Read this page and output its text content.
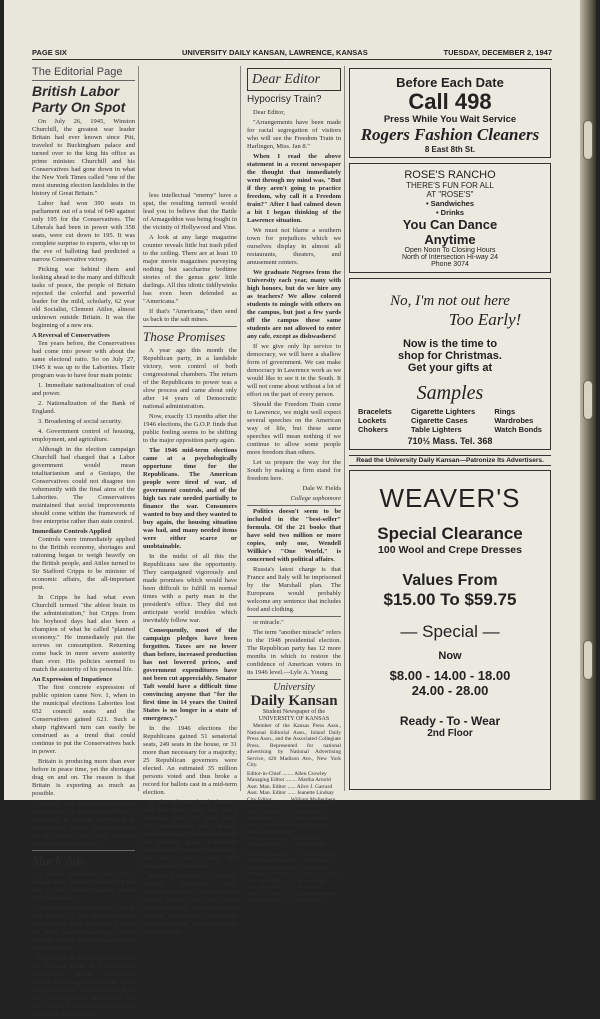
PAGE SIX	UNIVERSITY DAILY KANSAN, LAWRENCE, KANSAS	TUESDAY, DECEMBER 2, 1947
The Editorial Page
British Labor Party On Spot

On July 26, 1945, Winston Churchill, the greatest war leader Britain had ever known since Pitt, traveled to Buckingham palace and turned over to the king his office as prime minister. Churchill and his Conservatives had gone down in what the New York Times called "one of the most stunning election landslides in the history of Great Britain."

Labor had won 390 seats in parliament out of a total of 640 against only 195 for the Conservatives. The Liberals had been in power with 358 seats, were cut down to 195. It was complete surprise to experts, who up to the eve of balloting had predicted a narrow Conservative victory.

Picking war behind them and looking ahead to the many and difficult tasks of peace, the people of Britain rejected the colorful and powerful leader for the mild, scholarly, 62 year old Socialist, Clement Attlee, almost unknown outside Britain. It was the beginning of a new era.

A Reversal of Conservatives

Ten years before, the Conservatives had come into power with about the same electoral ratio. So on July 27, 1945 it was up to the Laborites. Their program was to have four main points:

1. Immediate nationalization of coal and power.

2. Nationalization of the Bank of England.

3. Broadening of social security.

4. Government control of housing, employment, and agriculture.

Although in the election campaign Churchill had charged that a Labor government would mean totalitarianism and a Gestapo, the Conservatives could not disagree too vehemently with the final aims of the Laborites. The Conservatives maintained that social improvements should come within the framework of free enterprise rather than state control.

Immediate Controls Applied

Controls were immediately applied to the British economy, shortages and rationing began to weigh heavily on the British people, and Attlee turned to Sir Stafford Cripps to be minister of economic affairs, the all-important post.

In Cripps he had what even Churchill termed "the ablest brain in the administration," but Cripps from his boyhood days had also been a champion of what he called "planned economy." He immediately put the screws on consumption. Returning come back in more severe austerity than ever. His policies seemed to match the austerity of his personal life.

An Expression of Impatience

The first concrete expression of public opinion came Nov. 1, when in the municipal elections Laborites lost 652 council seats and the Conservatives gained 621. Such a sharp rightward turn can easily be construed as a trend that could continue to put the Conservatives back in power.

Britain is producing more than ever before in peace time, yet the shortages drag on and on. The reason is that Britain is exporting as much as possible.

The only way that Labor can stay in power, and it's a doubtful possibility, is for people to become determined, in the words of Cripps, "put the interest of the country first and personal incentives a poor second."

Much Ado

A recent readership survey of a college daily revealed that only 8 per cent of the readers regularly peruse Hollywood news.

The result partially testifies a lung-bad opinion of stars that Hollywood news to both radio and press is about the most inane, nauseating, trivial, illiterate kind of pap ever assaulted by the human race.

It's enough to make one retch when the tortured home of a Hollywood professional gossip breathlessly confide to her eager listeners the world shaking news of the latest episode in an oh-so-exclusive Hollywood gin mill. When a half-witted Hollywood pretty boy and his even

less intellectual "enemy" have a spat, the resulting turmoil would lead you to believe that the Battle of Armageddon was being fought in the vicinity of Hollywood and Vine.

A look at any large magazine counter reveals little but trash piled to the ceiling. There are at least 10 major movie magazines purveying nothing but saccharine bedtime stories of the genus gets' little darlings. All this idiotic tiddlywinks has even been defended as "Americana."

If that's "Americana," then send us back to the salt mines.

Those Promises

A year ago this month the Republican party, in a landslide victory, won control of both congressional chambers. The return of the Republicans to power was a slow process and came about only after 14 years of Democratic national administration.

Now, exactly 13 months after the 1946 elections, the G.O.P. finds that public feeling seems to be shifting to the major opposition party again.

The 1946 mid-term elections came at a psychologically opportune time for the Republicans. The American people were tired of war, of government controls, and of the high tax rate needed partially to finance the war. Consumers wanted to buy and they wanted to buy again, the housing situation was bad, and many needed items were either scarce or unobtainable.

In the midst of all this the Republicans saw the opportunity. They campaigned vigorously and made promises which would have been difficult to fulfill in normal times with a party man in the president's office. They did not anticipate world troubles which inevitably follow war.

Consequently, most of the campaign pledges have been forgotten. Taxes are no lower than before, increased production has not lowered prices, and government expenditures have not been cut appreciably. Senator Taft would have a difficult time convincing anyone that "for the first time in 14 years the United States is no longer in a state of emergency."

In the 1946 elections the Republicans gained 51 senatorial seats, 249 seats in the house, or 31 more than necessary for a majority; 25 Republican governors were elected. An estimated 35 million persons voted and thus broke a record for ballots cast in a mid-term election.

In the off-year local elections held this month there was not a sweeping victory by either party. The congressional races, though, indicated rising dissatisfaction with the majority group. Republican losses varied from 4 to 9 per cent in the four states which had congressional candidates.

Speaking of the past 12 months, Dorothy Thompson said, "Apparently, the G. O. P. intends to reverse pledges after they have been swept away. Also it intends to sit and await events in various expectation that Providence will perform anoth-

Dear Editor
Hypocrisy Train?

Dear Editor,

"Arrangements have been made for racial segregation of visitors who will see the Freedom Train in Harlingen, Miss. Jan 8."

When I read the above statement in a recent newspaper the thought that immediately went through my mind was, "But if they aren't going to practice freedom, why call it a Freedom train?" After I had calmed down a bit I began thinking of the Lawrence situation.

We must not blame a southern town for prejudices which we ourselves display in almost all restaurants, theaters, and amusement centers.

We graduate Negroes from the University each year, many with high honors, but do we hire any as teachers? We allow colored students to mingle with others on the campus, but just a few yards off the campus these same students are not allowed to enter any cafe, except as dishwashers!

If we give only lip service to democracy, we will have a shallow form of government. We can make democracy in Lawrence work as we would like to see it in the South. It will not come about without a lot of effort on the part of every person.

Should the Freedom Train come to Lawrence, we might well expect several speeches on the American way of life, but these same speeches will mean nothing if we continue to allow some people more freedom than others.

Let us prepare the way for the South by making a firm stand for freedom here.

Dale W. Fields

College sophomore

Politics doesn't seem to be included in the "best-seller" formula. Of the 21 books that have sold two million or more copies, only one, Wendell Willkie's "One World," is concerned with political affairs.

Russia's latest charge is that France and Italy will be imprisoned by the Marshall plan. The Europeans would probably welcome any sentence that includes food and clothing.

or miracle."

The term "another miracle" refers to the 1948 presidential election. The Republican party has 12 more months in which to restore the confidence of American voters in its 1946 level.—Lyle A. Young

University
Daily Kansan
Student Newspaper of the UNIVERSITY OF KANSAS

Member of the Kansas Press Assn., National Editorial Assn., Inland Daily Press Assn., and the Associated Collegiate Press. Represented for national advertising by National Advertising Service, 420 Madison Ave., New York City.

Editor-in-Chief ........ Allen Crowley
Managing Editor ........ Martha Arnold
Asst. Man. Editor ...... Alice J. Garrard
Asst. Man. Editor ...... Jeanette Lindsay
City Editor ............ William Mullenberg
News Editor ............ Henry Peterson
Asst. City Editor ...... Gene Villaire
Sports Editor .......... Ernest Aaronson
Asst. Sports Editors Paul Beh, James Bruce, Bob Brittigan
Picture Editor ......... Hal Nelson
Telegraph Editor ....... John Stauffer
Business Manager ........ John Bergstrom
Advertising Manager ..... Betty Bacon
Classified Adv. Man. .... Sally Mosby
National Adv. Man. ...... William Gettings
Circulation Mgr. ........ Dave Clymer
Asst. Bus. Man. ......... Dick Reed
Asst. Tel. Editor ....... Casper Brachmann
Society Editor .......... Barbara Fell
Before Each Date
Call 498
Press While You Wait Service
Rogers Fashion Cleaners
8 East 8th St.
ROSE'S RANCHO
THERE'S FUN FOR ALL
AT "ROSE'S"
• Sandwiches
• Drinks
You Can Dance
Anytime
Open Noon To Closing Hours
North of Intersection Hi-way 24
Phone 3074
No, I'm not out here
Too Early!
Now is the time to
shop for Christmas.
Get your gifts at
Samples
Bracelets
Lockets
Chokers
Cigarette Lighters
Cigarette Cases
Table Lighters
Rings
Wardrobes
Watch Bonds
710½ Mass. Tel. 368
Read the University Daily Kansan—Patronize Its Advertisers.
WEAVER'S
Special Clearance
100 Wool and Crepe Dresses
Values From
$15.00 To $59.75
— Special —
Now
$8.00 - 14.00 - 18.00
24.00 - 28.00
Ready - To - Wear
2nd Floor
